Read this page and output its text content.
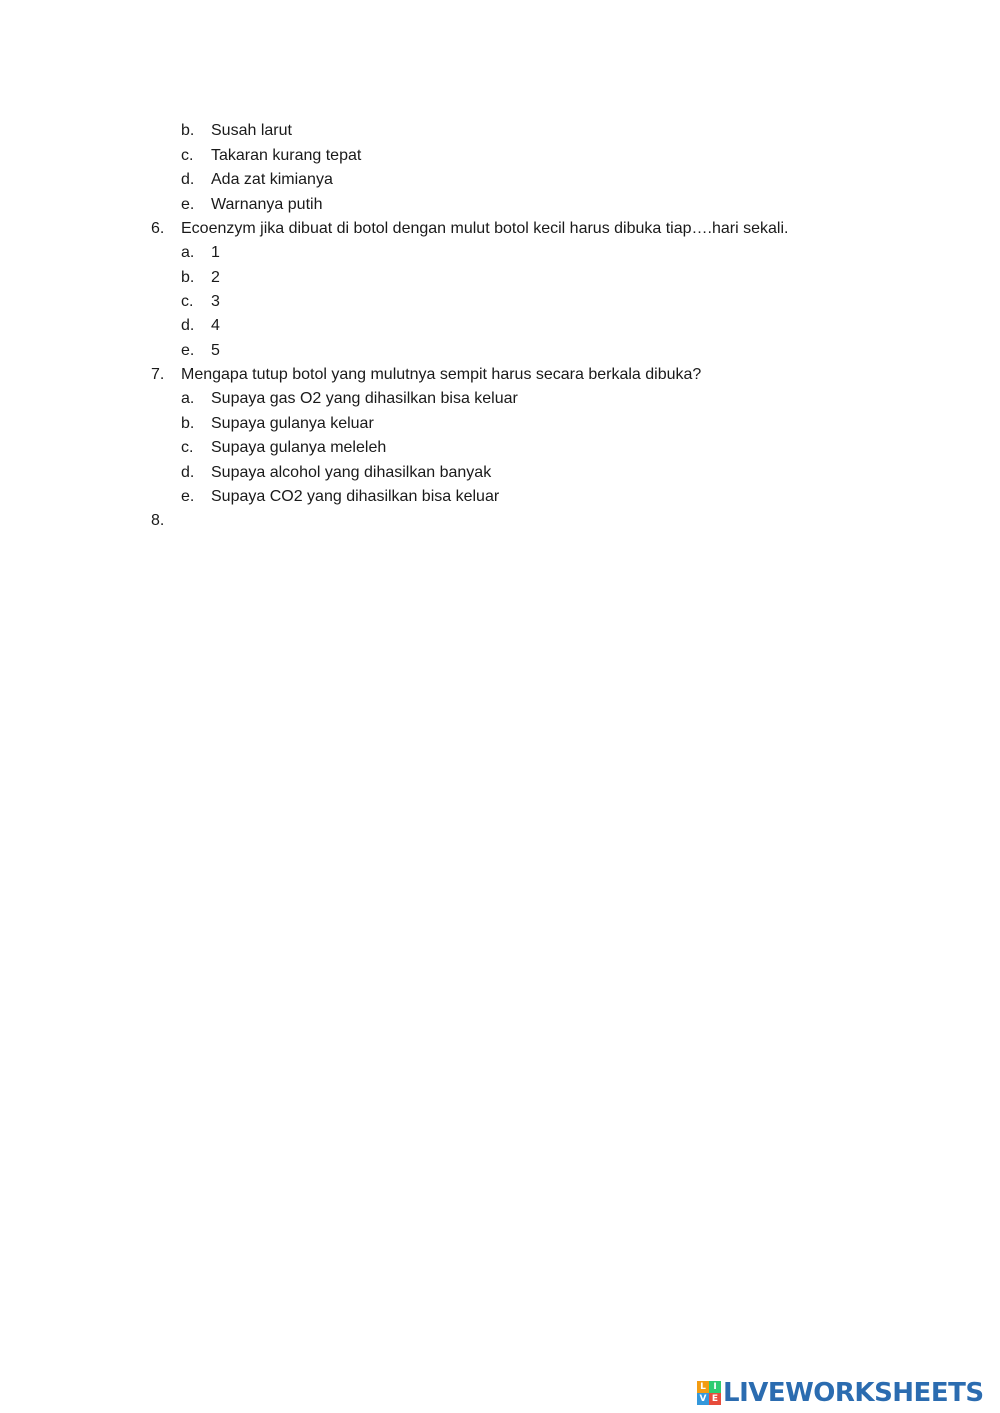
b. Susah larut
c. Takaran kurang tepat
d. Ada zat kimianya
e. Warnanya putih
6. Ecoenzym jika dibuat di botol dengan mulut botol kecil harus dibuka tiap….hari sekali.
a. 1
b. 2
c. 3
d. 4
e. 5
7. Mengapa tutup botol yang mulutnya sempit harus secara berkala dibuka?
a. Supaya gas O2 yang dihasilkan bisa keluar
b. Supaya gulanya keluar
c. Supaya gulanya meleleh
d. Supaya alcohol yang dihasilkan banyak
e. Supaya CO2 yang dihasilkan bisa keluar
8.
L I
V E LIVEWORKSHEETS
